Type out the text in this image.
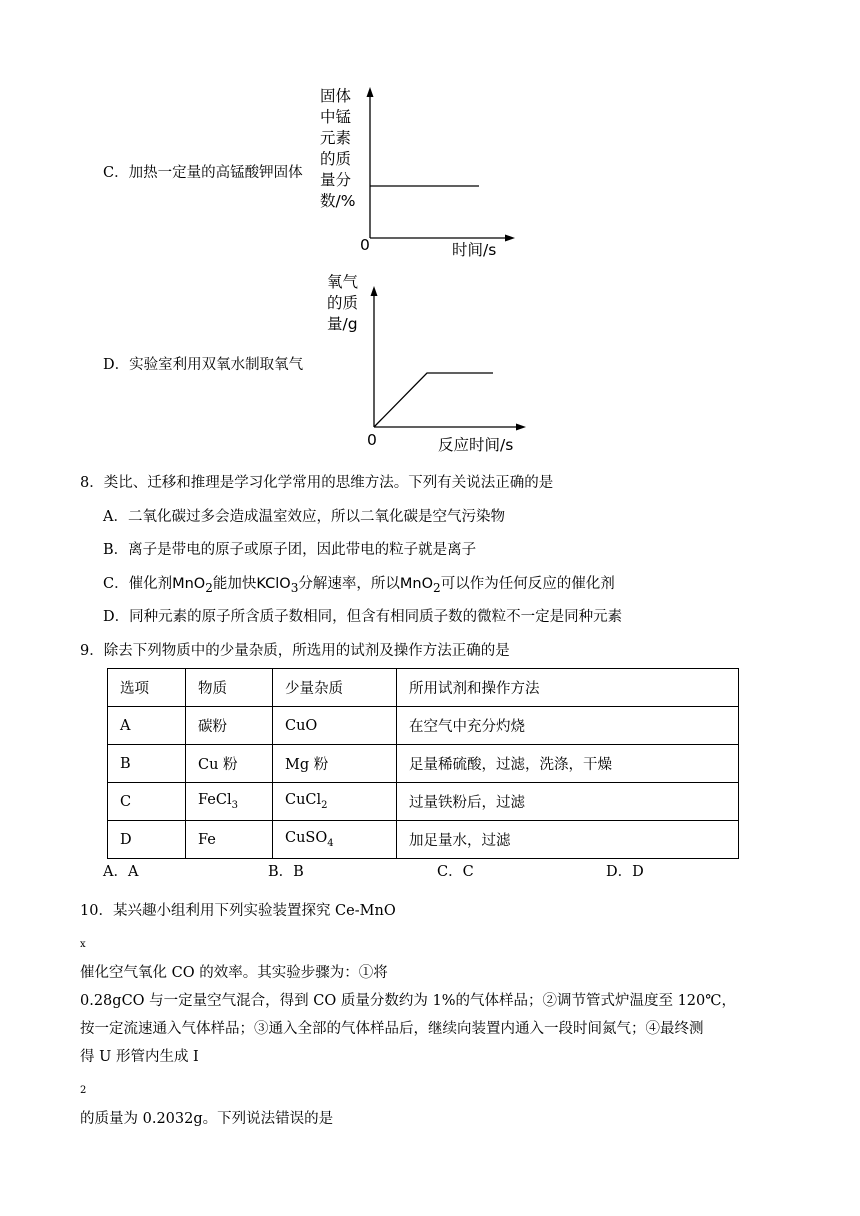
C．加热一定量的高锰酸钾固体
固体
中锰
元素
的质
量分
数/%
0	时间/s
D．实验室利用双氧水制取氧气
氧气
的质
量/g
0	反应时间/s
8．类比、迁移和推理是学习化学常用的思维方法。下列有关说法正确的是
A．二氧化碳过多会造成温室效应，所以二氧化碳是空气污染物
B．离子是带电的原子或原子团，因此带电的粒子就是离子
C．催化剂MnO$_2$能加快KClO$_3$分解速率，所以MnO$_2$可以作为任何反应的催化剂
D．同种元素的原子所含质子数相同，但含有相同质子数的微粒不一定是同种元素
9．除去下列物质中的少量杂质，所选用的试剂及操作方法正确的是
选项	物质	少量杂质	所用试剂和操作方法
A	碳粉	CuO	在空气中充分灼烧
B	Cu 粉	Mg 粉	足量稀硫酸，过滤，洗涤，干燥
C	FeCl$_3$	CuCl$_2$	过量铁粉后，过滤
D	Fe	CuSO$_4$	加足量水，过滤
A．A	B．B	C．C	D．D
10．某兴趣小组利用下列实验装置探究 Ce-MnO
$_x$
催化空气氧化 CO 的效率。其实验步骤为：①将
0.28gCO 与一定量空气混合，得到 CO 质量分数约为 1%的气体样品；②调节管式炉温度至 120℃，
按一定流速通入气体样品；③通入全部的气体样品后，继续向装置内通入一段时间氮气；④最终测
得 U 形管内生成 I
$_2$
的质量为 0.2032g。下列说法错误的是
